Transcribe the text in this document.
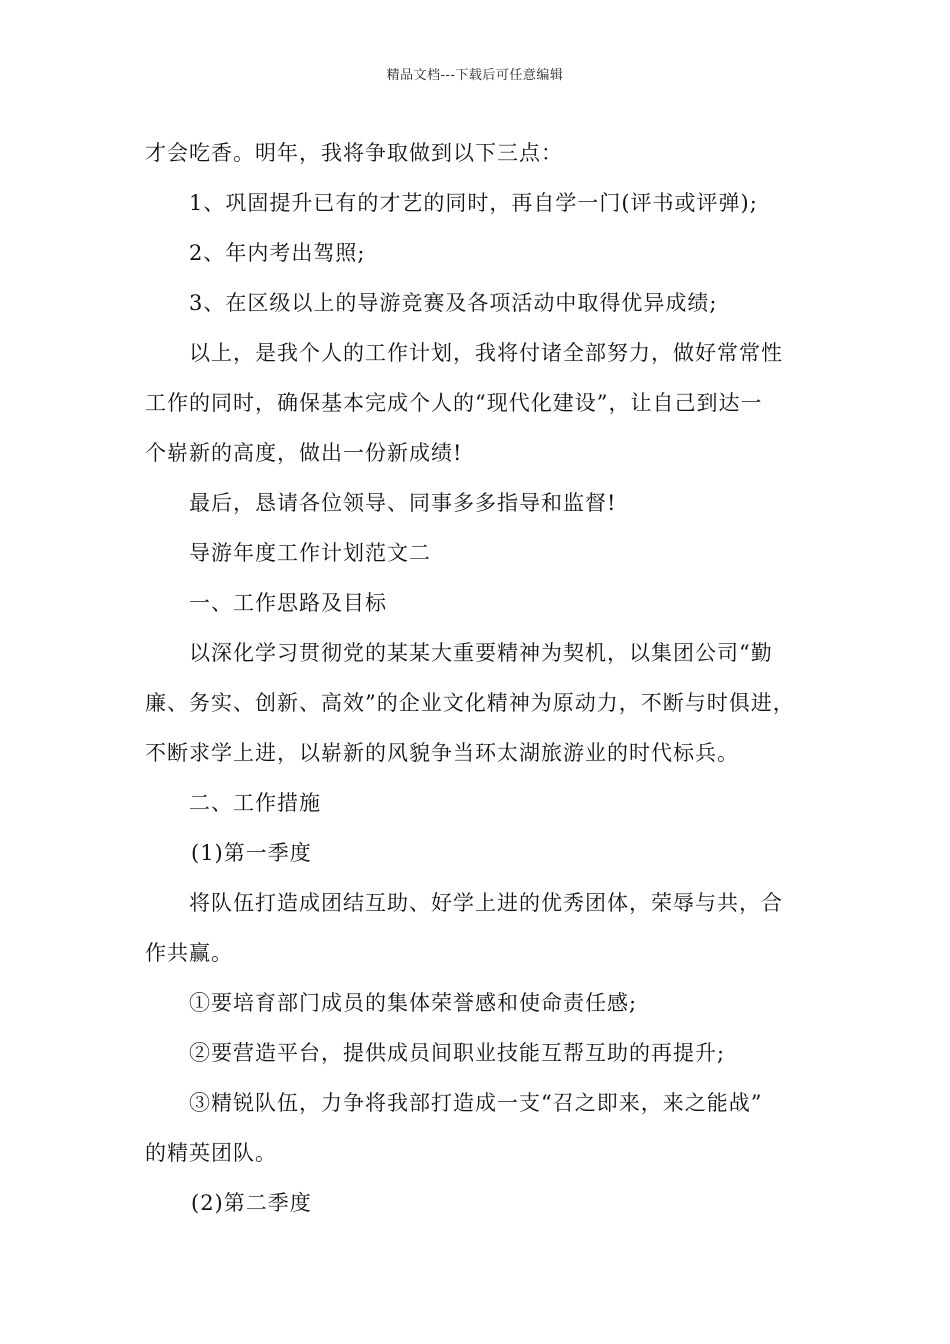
精品文档---下载后可任意编辑
才会吃香。明年，我将争取做到以下三点：
1、巩固提升已有的才艺的同时，再自学一门(评书或评弹);
2、年内考出驾照;
3、在区级以上的导游竞赛及各项活动中取得优异成绩;
以上，是我个人的工作计划，我将付诸全部努力，做好常常性
工作的同时，确保基本完成个人的“现代化建设”，让自己到达一
个崭新的高度，做出一份新成绩!
最后，恳请各位领导、同事多多指导和监督!
导游年度工作计划范文二
一、工作思路及目标
以深化学习贯彻党的某某大重要精神为契机，以集团公司“勤
廉、务实、创新、高效”的企业文化精神为原动力，不断与时俱进，
不断求学上进，以崭新的风貌争当环太湖旅游业的时代标兵。
二、工作措施
(1)第一季度
将队伍打造成团结互助、好学上进的优秀团体，荣辱与共，合
作共赢。
①要培育部门成员的集体荣誉感和使命责任感;
②要营造平台，提供成员间职业技能互帮互助的再提升;
③精锐队伍，力争将我部打造成一支“召之即来，来之能战”
的精英团队。
(2)第二季度
